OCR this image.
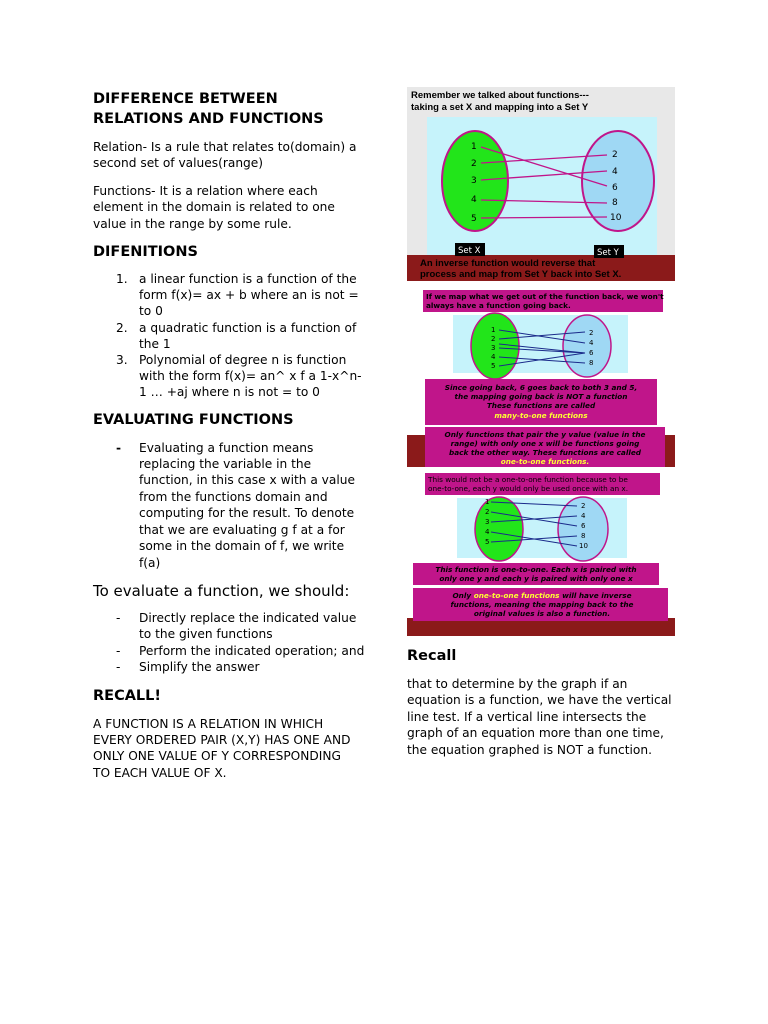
DIFFERENCE BETWEEN RELATIONS AND FUNCTIONS

Relation- Is a rule that relates to(domain) a second set of values(range)

Functions- It is a relation where each element in the domain is related to one value in the range by some rule.

DIFENITIONS
1. a linear function is a function of the form f(x)= ax + b where an is not = to 0
2. a quadratic function is a function of the 1
3. Polynomial of degree n is function with the form f(x)= an^ x f a 1-x^n-1 … +aj where n is not = to 0
EVALUATING FUNCTIONS
- Evaluating a function means replacing the variable in the function, in this case x with a value from the functions domain and computing for the result. To denote that we are evaluating g f at a for some in the domain of f, we write f(a)
To evaluate a function, we should:
- Directly replace the indicated value to the given functions
- Perform the indicated operation; and
- Simplify the answer
RECALL!

A FUNCTION IS A RELATION IN WHICH EVERY ORDERED PAIR (X,Y) HAS ONE AND ONLY ONE VALUE OF Y CORRESPONDING TO EACH VALUE OF X.

Remember we talked about functions---
taking a set X and mapping into a Set Y
1
2
3
4
5
2
4
6
8
10
Set X	Set Y
An inverse function would reverse that
process and map from Set Y back into Set X.
If we map what we get out of the function back, we won't
always have a function going back.
1
2
3
4
5
2
4
6
8
Since going back, 6 goes back to both 3 and 5,
the mapping going back is NOT a function
These functions are called
many-to-one functions
Only functions that pair the y value (value in the
range) with only one x will be functions going
back the other way. These functions are called
one-to-one functions.
This would not be a one-to-one function because to be
one-to-one, each y would only be used once with an x.
1
2
3
4
5
2
4
6
8
10
This function is one-to-one. Each x is paired with
only one y and each y is paired with only one x
Only one-to-one functions will have inverse
functions, meaning the mapping back to the
original values is also a function.
Recall

that to determine by the graph if an equation is a function, we have the vertical line test. If a vertical line intersects the graph of an equation more than one time, the equation graphed is NOT a function.
